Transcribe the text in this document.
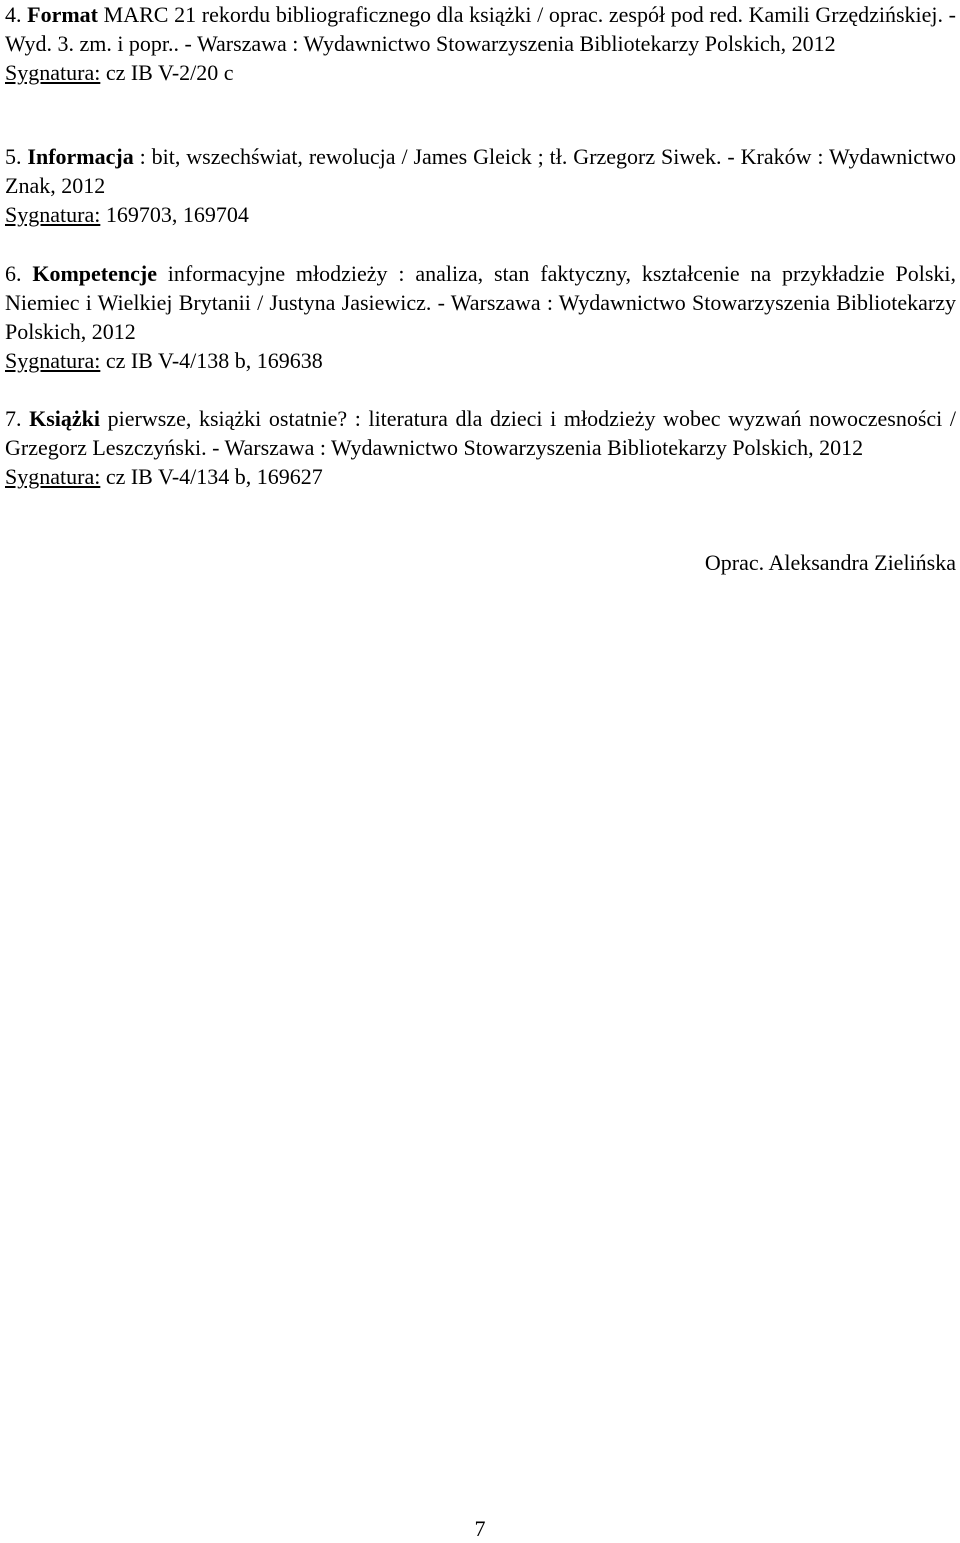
4. Format MARC 21 rekordu bibliograficznego dla książki / oprac. zespół pod red. Kamili Grzędzińskiej. - Wyd. 3. zm. i popr.. - Warszawa : Wydawnictwo Stowarzyszenia Bibliotekarzy Polskich, 2012

Sygnatura: cz IB V-2/20 c

5. Informacja : bit, wszechświat, rewolucja / James Gleick ; tł. Grzegorz Siwek. - Kraków : Wydawnictwo Znak, 2012

Sygnatura: 169703, 169704

6. Kompetencje informacyjne młodzieży : analiza, stan faktyczny, kształcenie na przykładzie Polski, Niemiec i Wielkiej Brytanii / Justyna Jasiewicz. - Warszawa : Wydawnictwo Stowarzyszenia Bibliotekarzy Polskich, 2012

Sygnatura: cz IB V-4/138 b, 169638

7. Książki pierwsze, książki ostatnie? : literatura dla dzieci i młodzieży wobec wyzwań nowoczesności / Grzegorz Leszczyński. - Warszawa : Wydawnictwo Stowarzyszenia Bibliotekarzy Polskich, 2012

Sygnatura: cz IB V-4/134 b, 169627

Oprac. Aleksandra Zielińska
7
